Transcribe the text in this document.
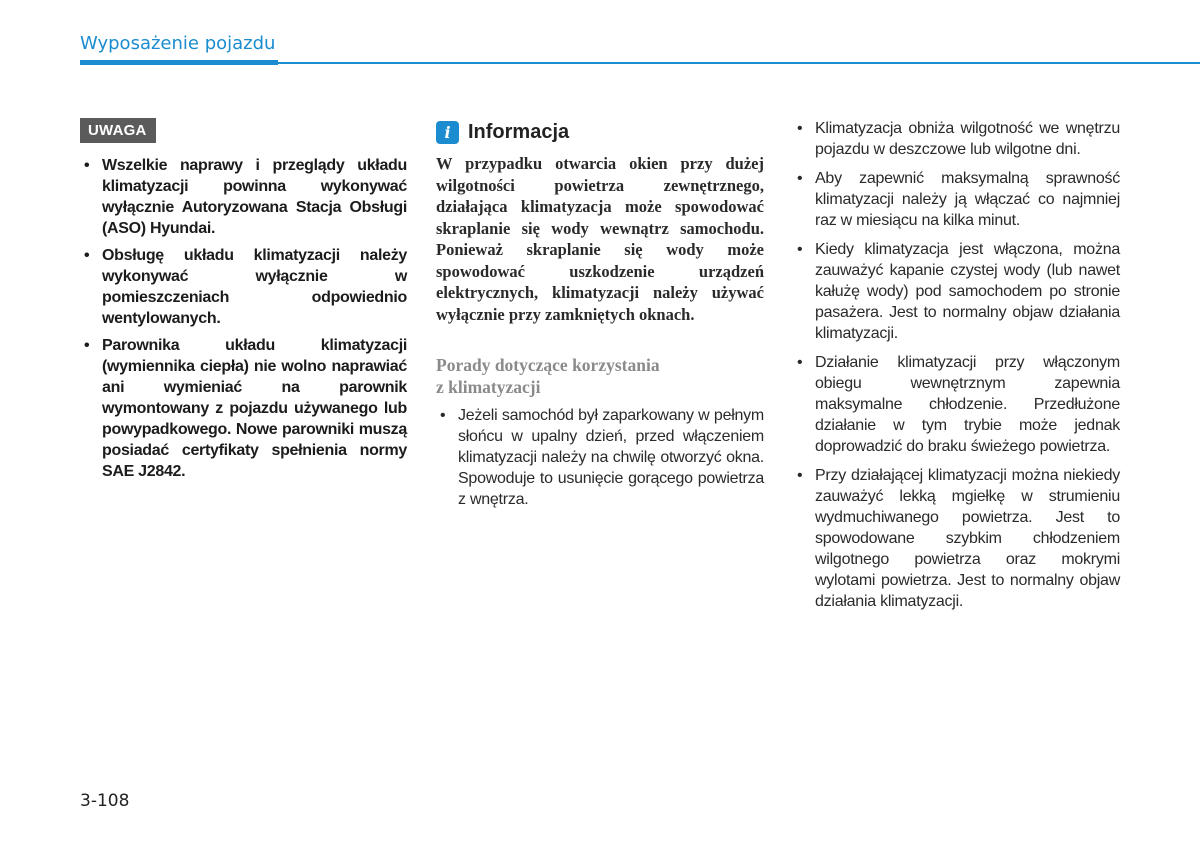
Wyposażenie pojazdu
UWAGA
• Wszelkie naprawy i przeglądy układu klimatyzacji powinna wykonywać wyłącznie Autoryzowana Stacja Obsługi (ASO) Hyundai.
• Obsługę układu klimatyzacji należy wykonywać wyłącznie w pomieszczeniach odpowiednio wentylowanych.
• Parownika układu klimatyzacji (wymiennika ciepła) nie wolno naprawiać ani wymieniać na parownik wymontowany z pojazdu używanego lub powypadkowego. Nowe parowniki muszą posiadać certyfikaty spełnienia normy SAE J2842.
i Informacja
W przypadku otwarcia okien przy dużej wilgotności powietrza zewnętrznego, działająca klimatyzacja może spowodować skraplanie się wody wewnątrz samochodu. Ponieważ skraplanie się wody może spowodować uszkodzenie urządzeń elektrycznych, klimatyzacji należy używać wyłącznie przy zamkniętych oknach.
Porady dotyczące korzystania
z klimatyzacji
• Jeżeli samochód był zaparkowany w pełnym słońcu w upalny dzień, przed włączeniem klimatyzacji należy na chwilę otworzyć okna. Spowoduje to usunięcie gorącego powietrza z wnętrza.
• Klimatyzacja obniża wilgotność we wnętrzu pojazdu w deszczowe lub wilgotne dni.
• Aby zapewnić maksymalną sprawność klimatyzacji należy ją włączać co najmniej raz w miesiącu na kilka minut.
• Kiedy klimatyzacja jest włączona, można zauważyć kapanie czystej wody (lub nawet kałużę wody) pod samochodem po stronie pasażera. Jest to normalny objaw działania klimatyzacji.
• Działanie klimatyzacji przy włączonym obiegu wewnętrznym zapewnia maksymalne chłodzenie. Przedłużone działanie w tym trybie może jednak doprowadzić do braku świeżego powietrza.
• Przy działającej klimatyzacji można niekiedy zauważyć lekką mgiełkę w strumieniu wydmuchiwanego powietrza. Jest to spowodowane szybkim chłodzeniem wilgotnego powietrza oraz mokrymi wylotami powietrza. Jest to normalny objaw działania klimatyzacji.
3-108
